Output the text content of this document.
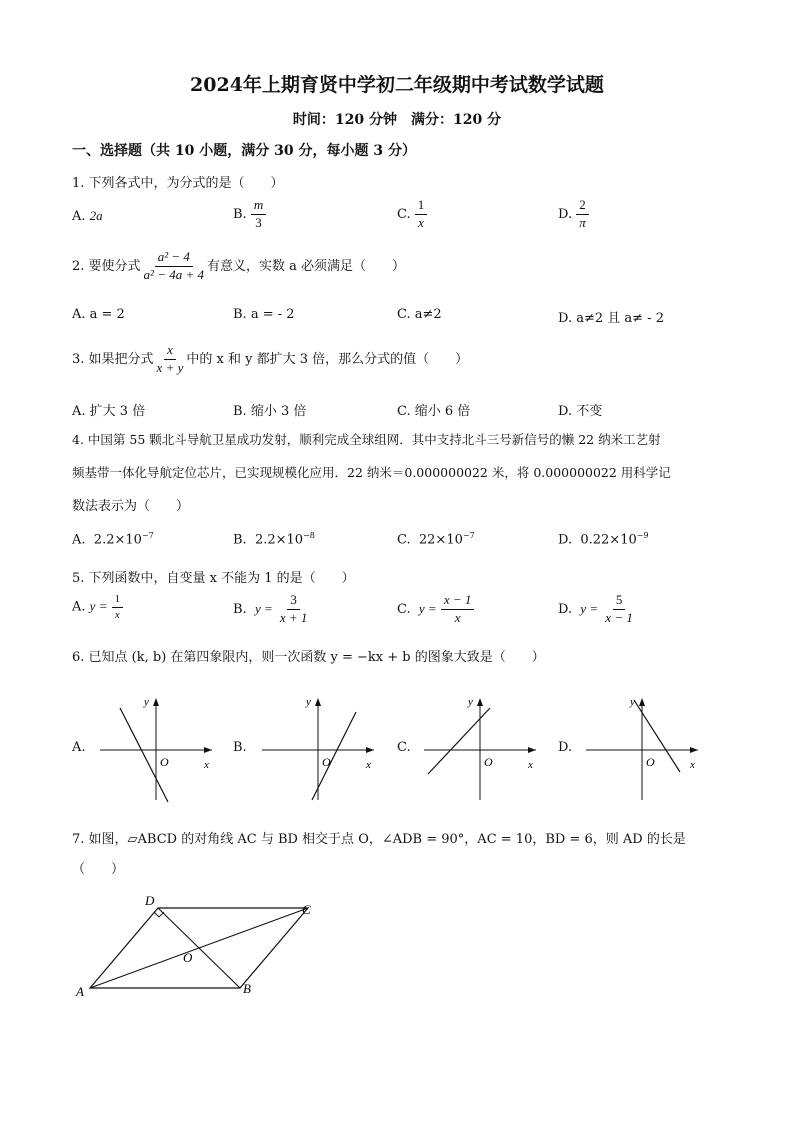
2024年上期育贤中学初二年级期中考试数学试题
时间：120 分钟　满分：120 分
一、选择题（共 10 小题，满分 30 分，每小题 3 分）
1. 下列各式中，为分式的是（　　）
A. 2a	B. $\frac{m}{3}$	C. $\frac{1}{x}$	D. $\frac{2}{\pi}$
2. 要使分式 $\frac{\text{a² − 4}}{\text{a² − 4a + 4}}$ 有意义，实数 a 必须满足（　　）
A. a = 2	B. a = - 2	C. a≠2	D. a≠2 且 a≠ - 2
3. 如果把分式 $\frac{x}{x + y}$ 中的 x 和 y 都扩大 3 倍，那么分式的值（　　）
A. 扩大 3 倍	B. 缩小 3 倍	C. 缩小 6 倍	D. 不变
4. 中国第 55 颗北斗导航卫星成功发射，顺利完成全球组网．其中支持北斗三号新信号的懒 22 纳米工艺射
频基带一体化导航定位芯片，已实现规模化应用．22 纳米＝0.000000022 米，将 0.000000022 用科学记
数法表示为（　　）
A. $2.2\times 10^{-7}$	B. $2.2\times 10^{-8}$	C. $22\times 10^{-7}$	D. $0.22\times 10^{-9}$
5. 下列函数中，自变量 x 不能为 1 的是（　　）
A. $y = \frac{1}{x}$	B. $y = \frac{3}{x + 1}$	C. $y = \frac{x - 1}{x}$	D. $y = \frac{5}{x - 1}$
6. 已知点 (k, b) 在第四象限内，则一次函数 y = −kx + b 的图象大致是（　　）
A.	B.	C.	D.
y
x
O
y
x
O
y
x
O
y
x
O
7. 如图，▱ABCD 的对角线 AC 与 BD 相交于点 O，∠ADB = 90°，AC = 10，BD = 6，则 AD 的长是
（　　）
A	B
C
D
O
